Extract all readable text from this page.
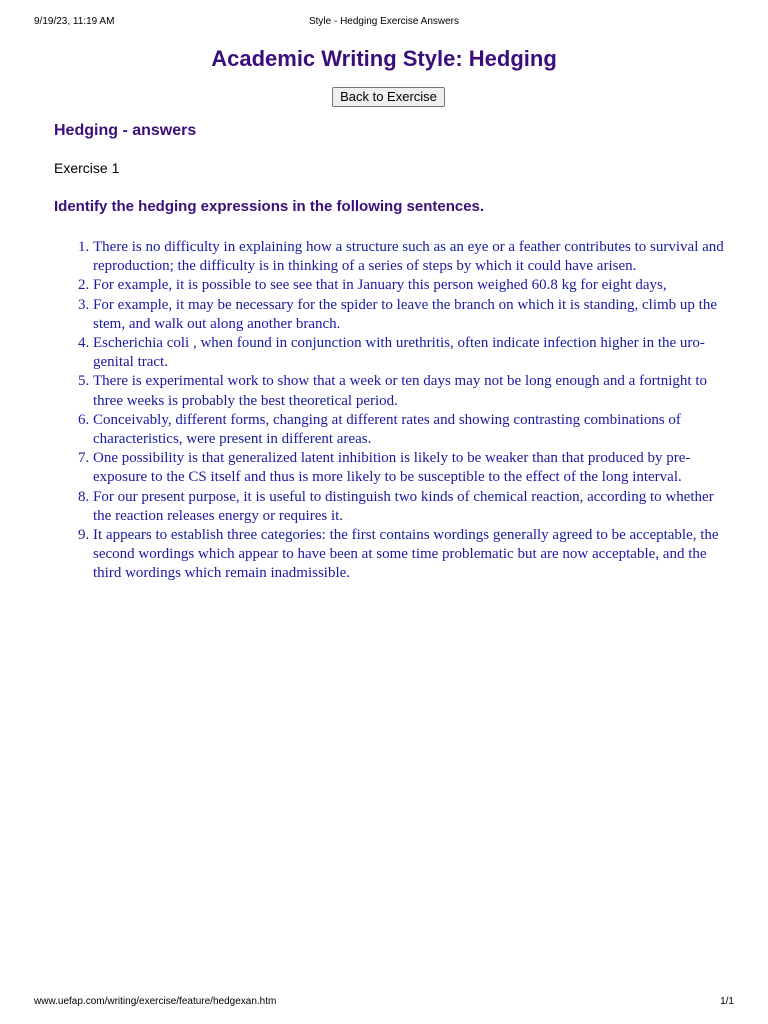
9/19/23, 11:19 AM	Style - Hedging Exercise Answers
Academic Writing Style: Hedging
Back to Exercise
Hedging - answers
Exercise 1
Identify the hedging expressions in the following sentences.
1. There is no difficulty in explaining how a structure such as an eye or a feather contributes to survival and reproduction; the difficulty is in thinking of a series of steps by which it could have arisen.
2. For example, it is possible to see see that in January this person weighed 60.8 kg for eight days,
3. For example, it may be necessary for the spider to leave the branch on which it is standing, climb up the stem, and walk out along another branch.
4. Escherichia coli , when found in conjunction with urethritis, often indicate infection higher in the uro-genital tract.
5. There is experimental work to show that a week or ten days may not be long enough and a fortnight to three weeks is probably the best theoretical period.
6. Conceivably, different forms, changing at different rates and showing contrasting combinations of characteristics, were present in different areas.
7. One possibility is that generalized latent inhibition is likely to be weaker than that produced by pre-exposure to the CS itself and thus is more likely to be susceptible to the effect of the long interval.
8. For our present purpose, it is useful to distinguish two kinds of chemical reaction, according to whether the reaction releases energy or requires it.
9. It appears to establish three categories: the first contains wordings generally agreed to be acceptable, the second wordings which appear to have been at some time problematic but are now acceptable, and the third wordings which remain inadmissible.
www.uefap.com/writing/exercise/feature/hedgexan.htm	1/1
